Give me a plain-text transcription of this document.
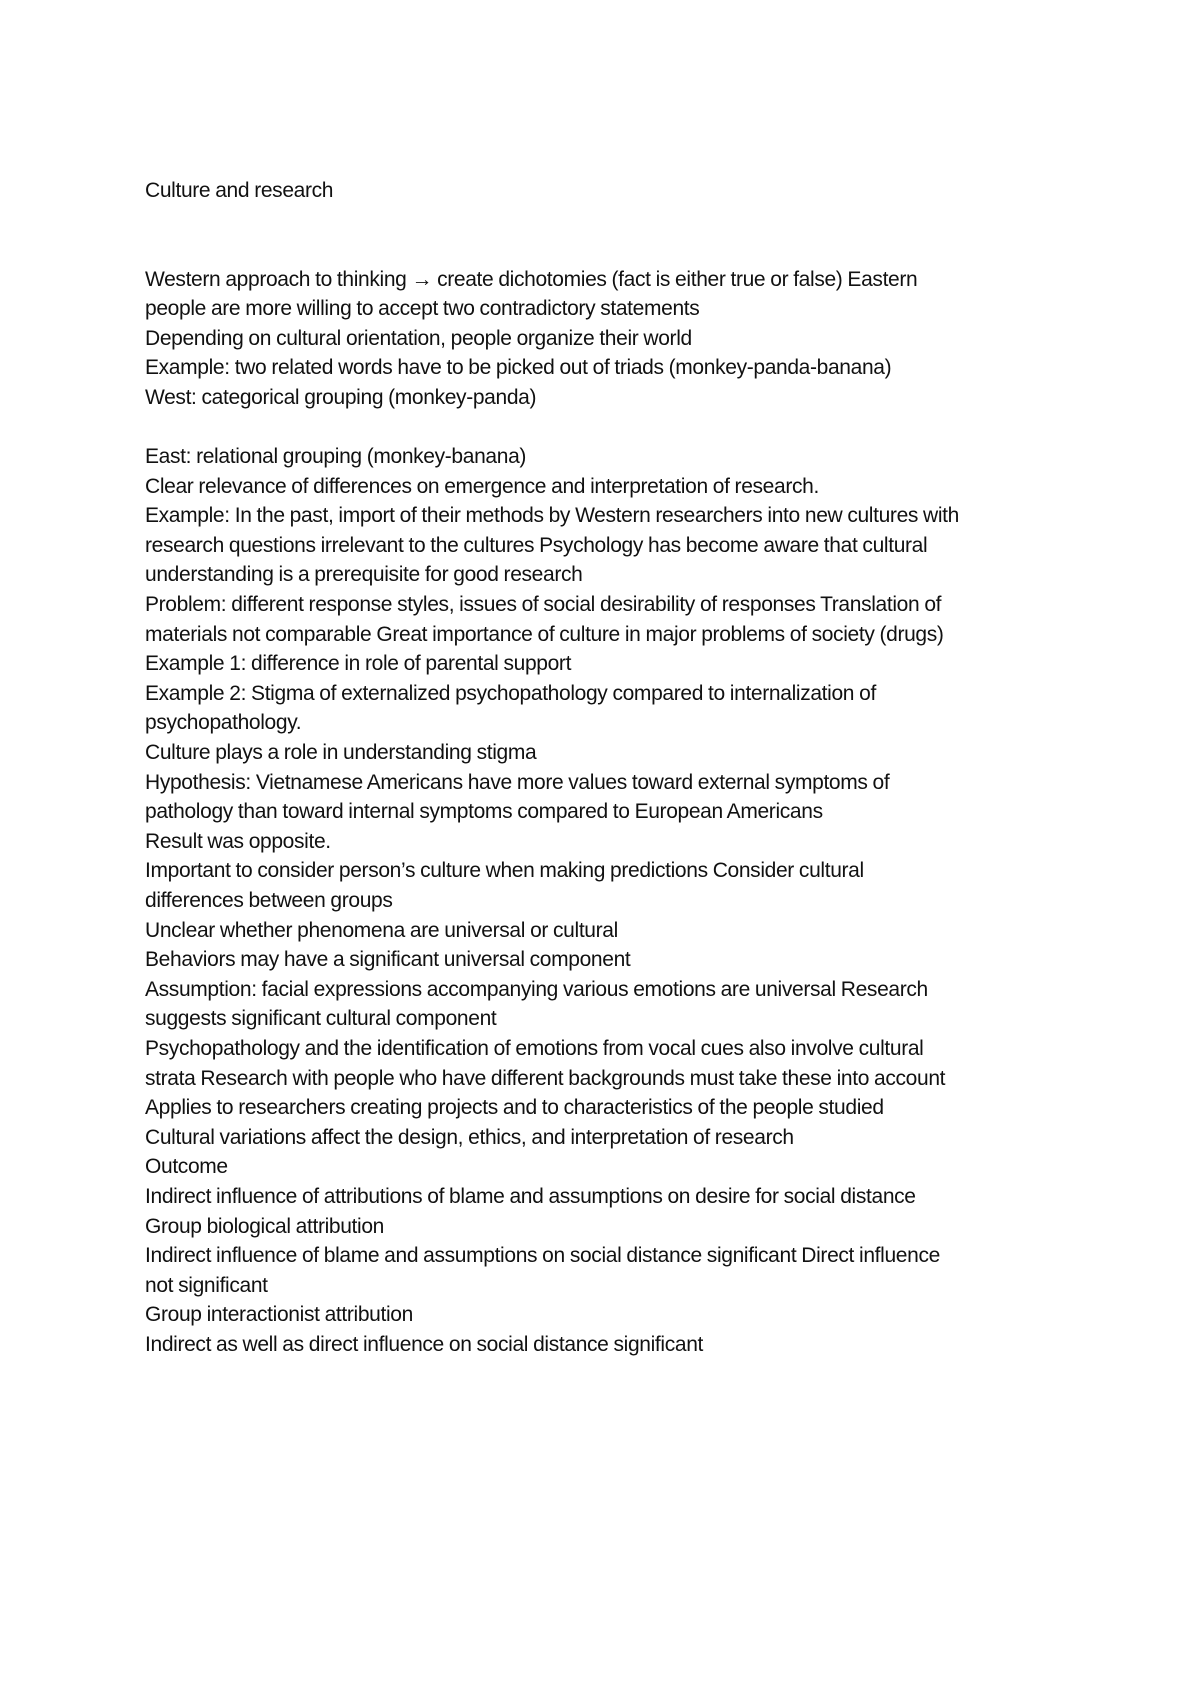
Culture and research
Western approach to thinking → create dichotomies (fact is either true or false) Eastern
people are more willing to accept two contradictory statements
Depending on cultural orientation, people organize their world
Example: two related words have to be picked out of triads (monkey-panda-banana)
West: categorical grouping (monkey-panda)
East: relational grouping (monkey-banana)
Clear relevance of differences on emergence and interpretation of research.
Example: In the past, import of their methods by Western researchers into new cultures with
research questions irrelevant to the cultures Psychology has become aware that cultural
understanding is a prerequisite for good research
Problem: different response styles, issues of social desirability of responses Translation of
materials not comparable Great importance of culture in major problems of society (drugs)
Example 1: difference in role of parental support
Example 2: Stigma of externalized psychopathology compared to internalization of
psychopathology.
Culture plays a role in understanding stigma
Hypothesis: Vietnamese Americans have more values toward external symptoms of
pathology than toward internal symptoms compared to European Americans
Result was opposite.
Important to consider person’s culture when making predictions Consider cultural
differences between groups
Unclear whether phenomena are universal or cultural
Behaviors may have a significant universal component
Assumption: facial expressions accompanying various emotions are universal Research
suggests significant cultural component
Psychopathology and the identification of emotions from vocal cues also involve cultural
strata Research with people who have different backgrounds must take these into account
Applies to researchers creating projects and to characteristics of the people studied
Cultural variations affect the design, ethics, and interpretation of research
Outcome
Indirect influence of attributions of blame and assumptions on desire for social distance
Group biological attribution
Indirect influence of blame and assumptions on social distance significant Direct influence
not significant
Group interactionist attribution
Indirect as well as direct influence on social distance significant
